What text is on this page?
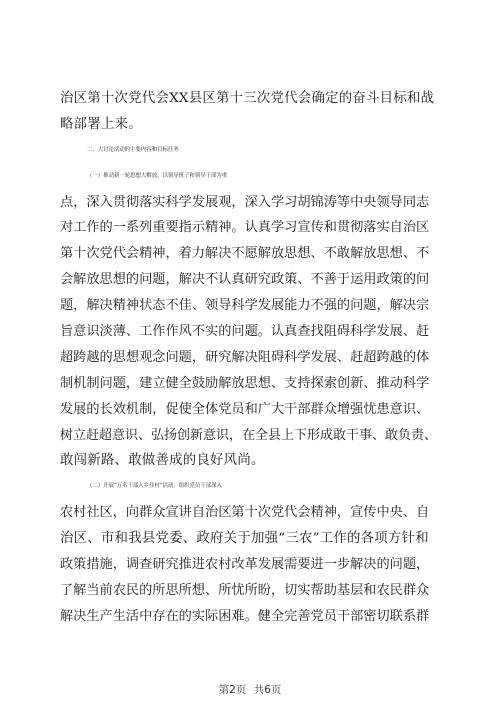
治区第十次党代会XX县区第十三次党代会确定的奋斗目标和战
略部署上来。
二、大讨论活动的主要内容和目标任务
（一）推动新一轮思想大解放。以领导班子和领导干部为重
点，深入贯彻落实科学发展观，深入学习胡锦涛等中央领导同志
对工作的一系列重要指示精神。认真学习宣传和贯彻落实自治区
第十次党代会精神，着力解决不愿解放思想、不敢解放思想、不
会解放思想的问题，解决不认真研究政策、不善于运用政策的问
题，解决精神状态不佳、领导科学发展能力不强的问题，解决宗
旨意识淡薄、工作作风不实的问题。认真查找阻碍科学发展、赶
超跨越的思想观念问题，研究解决阻碍科学发展、赶超跨越的体
制机制问题，建立健全鼓励解放思想、支持探索创新、推动科学
发展的长效机制，促使全体党员和广大干部群众增强忧患意识、
树立赶超意识、弘扬创新意识，在全县上下形成敢干事、敢负责、
敢闯新路、敢做善成的良好风尚。
（二）开展“万名干部入乡住村”活动。组织党员干部深入
农村社区，向群众宣讲自治区第十次党代会精神，宣传中央、自
治区、市和我县党委、政府关于加强“三农”工作的各项方针和
政策措施，调查研究推进农村改革发展需要进一步解决的问题，
了解当前农民的所思所想、所忧所盼，切实帮助基层和农民群众
解决生产生活中存在的实际困难。健全完善党员干部密切联系群
第2页 共6页
